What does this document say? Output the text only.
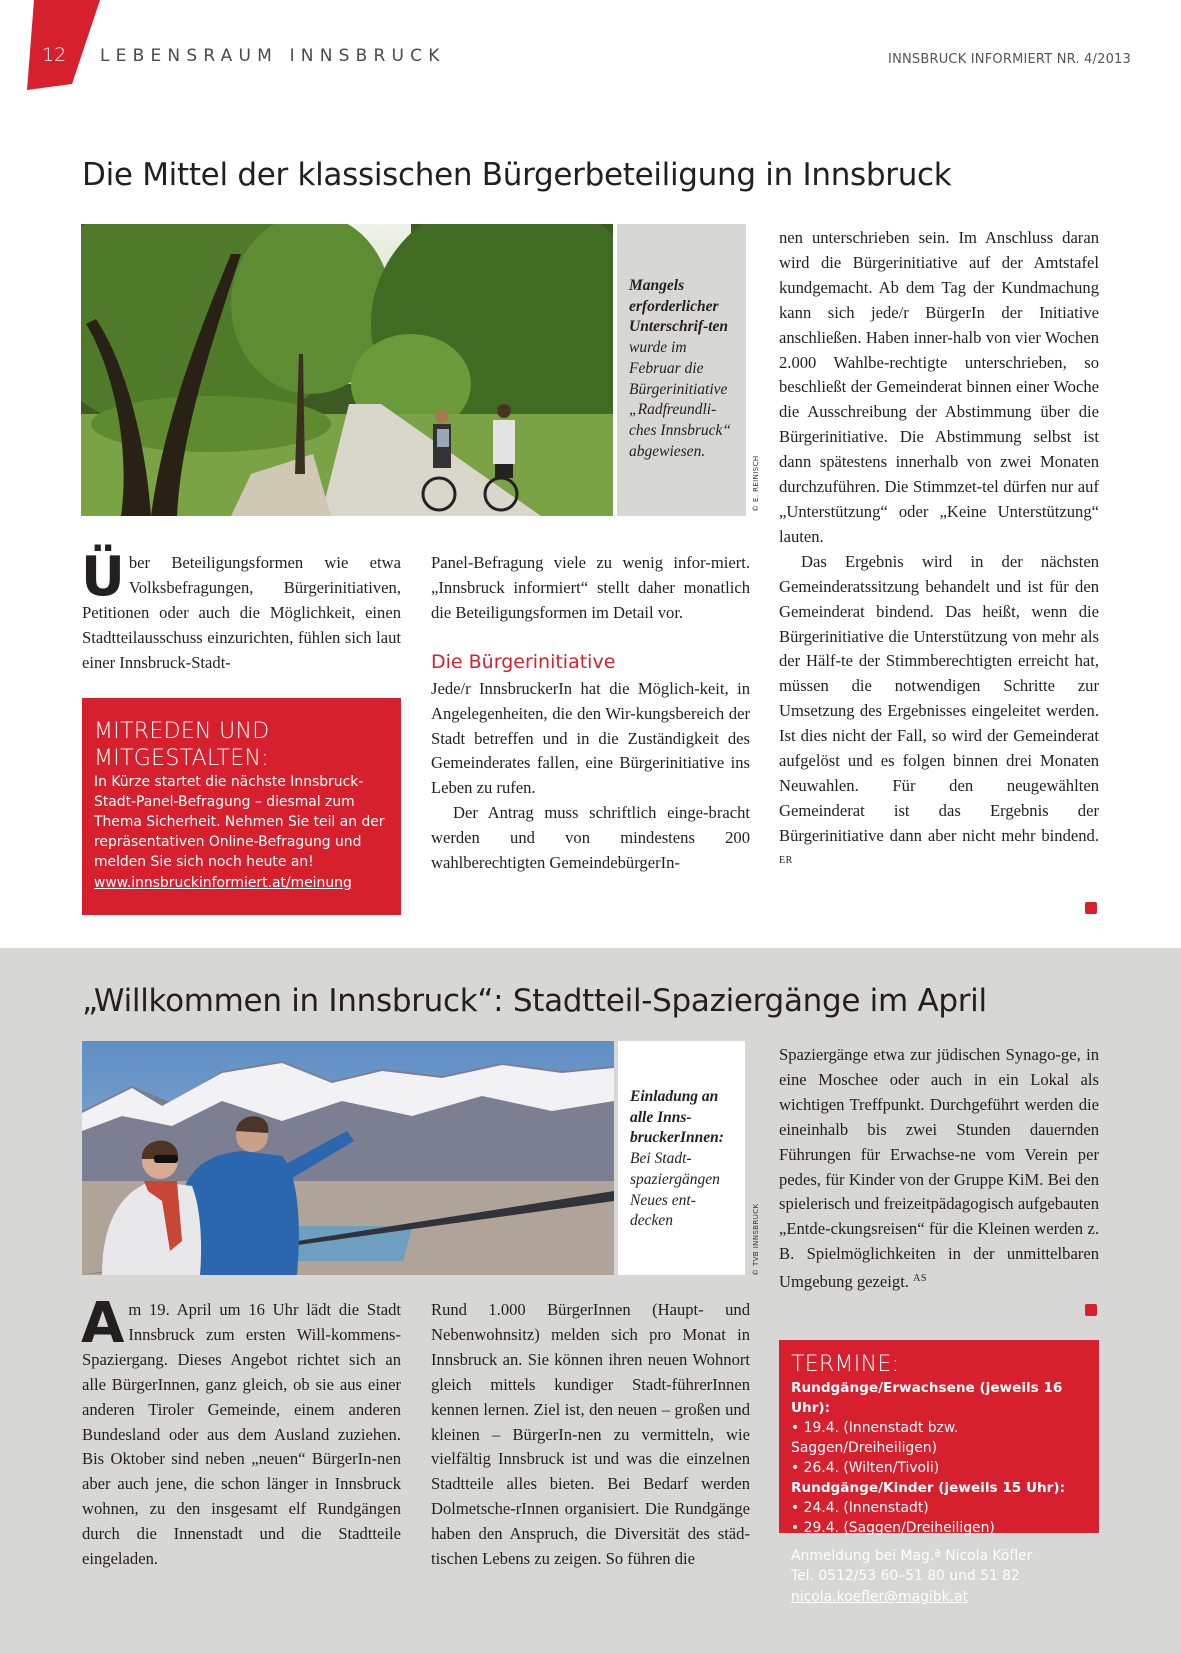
12 LEBENSRAUM INNSBRUCK	INNSBRUCK INFORMIERT NR. 4/2013
Die Mittel der klassischen Bürgerbeteiligung in Innsbruck
Mangels erforderlicher Unterschrif-ten wurde im Februar die Bürgerinitiative „Radfreundli-ches Innsbruck“ abgewiesen.
© E. REINISCH
Ü ber Beteiligungsformen wie etwa Volksbefragungen, Bürgerinitiativen, Petitionen oder auch die Möglichkeit, einen Stadtteilausschuss einzurichten, fühlen sich laut einer Innsbruck-Stadt-

MITREDEN UND
MITGESTALTEN:
In Kürze startet die nächste Innsbruck-Stadt-Panel-Befragung – diesmal zum Thema Sicherheit. Nehmen Sie teil an der repräsentativen Online-Befragung und melden Sie sich noch heute an!
www.innsbruckinformiert.at/meinung

Panel-Befragung viele zu wenig infor-miert. „Innsbruck informiert“ stellt daher monatlich die Beteiligungsformen im Detail vor.

Die Bürgerinitiative

Jede/r InnsbruckerIn hat die Möglich-keit, in Angelegenheiten, die den Wir-kungsbereich der Stadt betreffen und in die Zuständigkeit des Gemeinderates fallen, eine Bürgerinitiative ins Leben zu rufen.

Der Antrag muss schriftlich einge-bracht werden und von mindestens 200 wahlberechtigten GemeindebürgerIn-

nen unterschrieben sein. Im Anschluss daran wird die Bürgerinitiative auf der Amtstafel kundgemacht. Ab dem Tag der Kundmachung kann sich jede/r BürgerIn der Initiative anschließen. Haben inner-halb von vier Wochen 2.000 Wahlbe-rechtigte unterschrieben, so beschließt der Gemeinderat binnen einer Woche die Ausschreibung der Abstimmung über die Bürgerinitiative. Die Abstimmung selbst ist dann spätestens innerhalb von zwei Monaten durchzuführen. Die Stimmzet-tel dürfen nur auf „Unterstützung“ oder „Keine Unterstützung“ lauten.

Das Ergebnis wird in der nächsten Gemeinderatssitzung behandelt und ist für den Gemeinderat bindend. Das heißt, wenn die Bürgerinitiative die Unterstützung von mehr als der Hälf-te der Stimmberechtigten erreicht hat, müssen die notwendigen Schritte zur Umsetzung des Ergebnisses eingeleitet werden. Ist dies nicht der Fall, so wird der Gemeinderat aufgelöst und es folgen binnen drei Monaten Neuwahlen. Für den neugewählten Gemeinderat ist das Ergebnis der Bürgerinitiative dann aber nicht mehr bindend. $^{ER}$

„Willkommen in Innsbruck“: Stadtteil-Spaziergänge im April
Einladung an alle Inns-bruckerInnen: Bei Stadt-spaziergängen Neues ent-decken	© TVB INNSBRUCK
A m 19. April um 16 Uhr lädt die Stadt Innsbruck zum ersten Will-kommens-Spaziergang. Dieses Angebot richtet sich an alle BürgerInnen, ganz gleich, ob sie aus einer anderen Tiroler Gemeinde, einem anderen Bundesland oder aus dem Ausland zuziehen. Bis Oktober sind neben „neuen“ BürgerIn-nen aber auch jene, die schon länger in Innsbruck wohnen, zu den insgesamt elf Rundgängen durch die Innenstadt und die Stadtteile eingeladen.

Rund 1.000 BürgerInnen (Haupt- und Nebenwohnsitz) melden sich pro Monat in Innsbruck an. Sie können ihren neuen Wohnort gleich mittels kundiger Stadt-führerInnen kennen lernen. Ziel ist, den neuen – großen und kleinen – BürgerIn-nen zu vermitteln, wie vielfältig Innsbruck ist und was die einzelnen Stadtteile alles bieten. Bei Bedarf werden Dolmetsche-rInnen organisiert. Die Rundgänge haben den Anspruch, die Diversität des städ-tischen Lebens zu zeigen. So führen die

Spaziergänge etwa zur jüdischen Synago-ge, in eine Moschee oder auch in ein Lokal als wichtigen Treffpunkt. Durchgeführt werden die eineinhalb bis zwei Stunden dauernden Führungen für Erwachse-ne vom Verein per pedes, für Kinder von der Gruppe KiM. Bei den spielerisch und freizeitpädagogisch aufgebauten „Entde-ckungsreisen“ für die Kleinen werden z. B. Spielmöglichkeiten in der unmittelbaren Umgebung gezeigt. $^{AS}$

TERMINE:
Rundgänge/Erwachsene (jeweils 16 Uhr):
• 19.4. (Innenstadt bzw. Saggen/Dreiheiligen)
• 26.4. (Wilten/Tivoli)
Rundgänge/Kinder (jeweils 15 Uhr):
• 24.4. (Innenstadt)
• 29.4. (Saggen/Dreiheiligen)
Anmeldung bei Mag.ª Nicola Köfler
Tel. 0512/53 60–51 80 und 51 82
nicola.koefler@magibk.at
